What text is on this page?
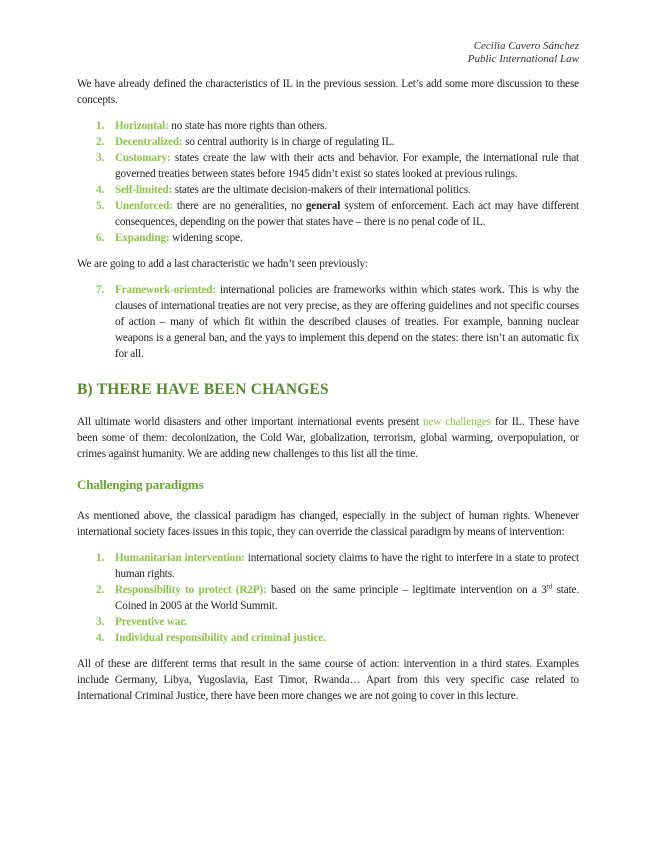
Cecilia Cavero Sánchez
Public International Law

We have already defined the characteristics of IL in the previous session. Let’s add some more discussion to these concepts.

1. Horizontal: no state has more rights than others.
2. Decentralized: so central authority is in charge of regulating IL.
3. Customary: states create the law with their acts and behavior. For example, the international rule that governed treaties between states before 1945 didn’t exist so states looked at previous rulings.
4. Self-limited: states are the ultimate decision-makers of their international politics.
5. Unenforced: there are no generalities, no general system of enforcement. Each act may have different consequences, depending on the power that states have – there is no penal code of IL.
6. Expanding: widening scope.

We are going to add a last characteristic we hadn’t seen previously:

7. Framework-oriented: international policies are frameworks within which states work. This is why the clauses of international treaties are not very precise, as they are offering guidelines and not specific courses of action – many of which fit within the described clauses of treaties. For example, banning nuclear weapons is a general ban, and the yays to implement this depend on the states: there isn’t an automatic fix for all.
B) THERE HAVE BEEN CHANGES

All ultimate world disasters and other important international events present new challenges for IL. These have been some of them: decolonization, the Cold War, globalization, terrorism, global warming, overpopulation, or crimes against humanity. We are adding new challenges to this list all the time.

Challenging paradigms

As mentioned above, the classical paradigm has changed, especially in the subject of human rights. Whenever international society faces issues in this topic, they can override the classical paradigm by means of intervention:

1. Humanitarian intervention: international society claims to have the right to interfere in a state to protect human rights.
2. Responsibility to protect (R2P): based on the same principle – legitimate intervention on a 3rd state. Coined in 2005 at the World Summit.
3. Preventive war.
4. Individual responsibility and criminal justice.

All of these are different terms that result in the same course of action: intervention in a third states. Examples include Germany, Libya, Yugoslavia, East Timor, Rwanda… Apart from this very specific case related to International Criminal Justice, there have been more changes we are not going to cover in this lecture.
